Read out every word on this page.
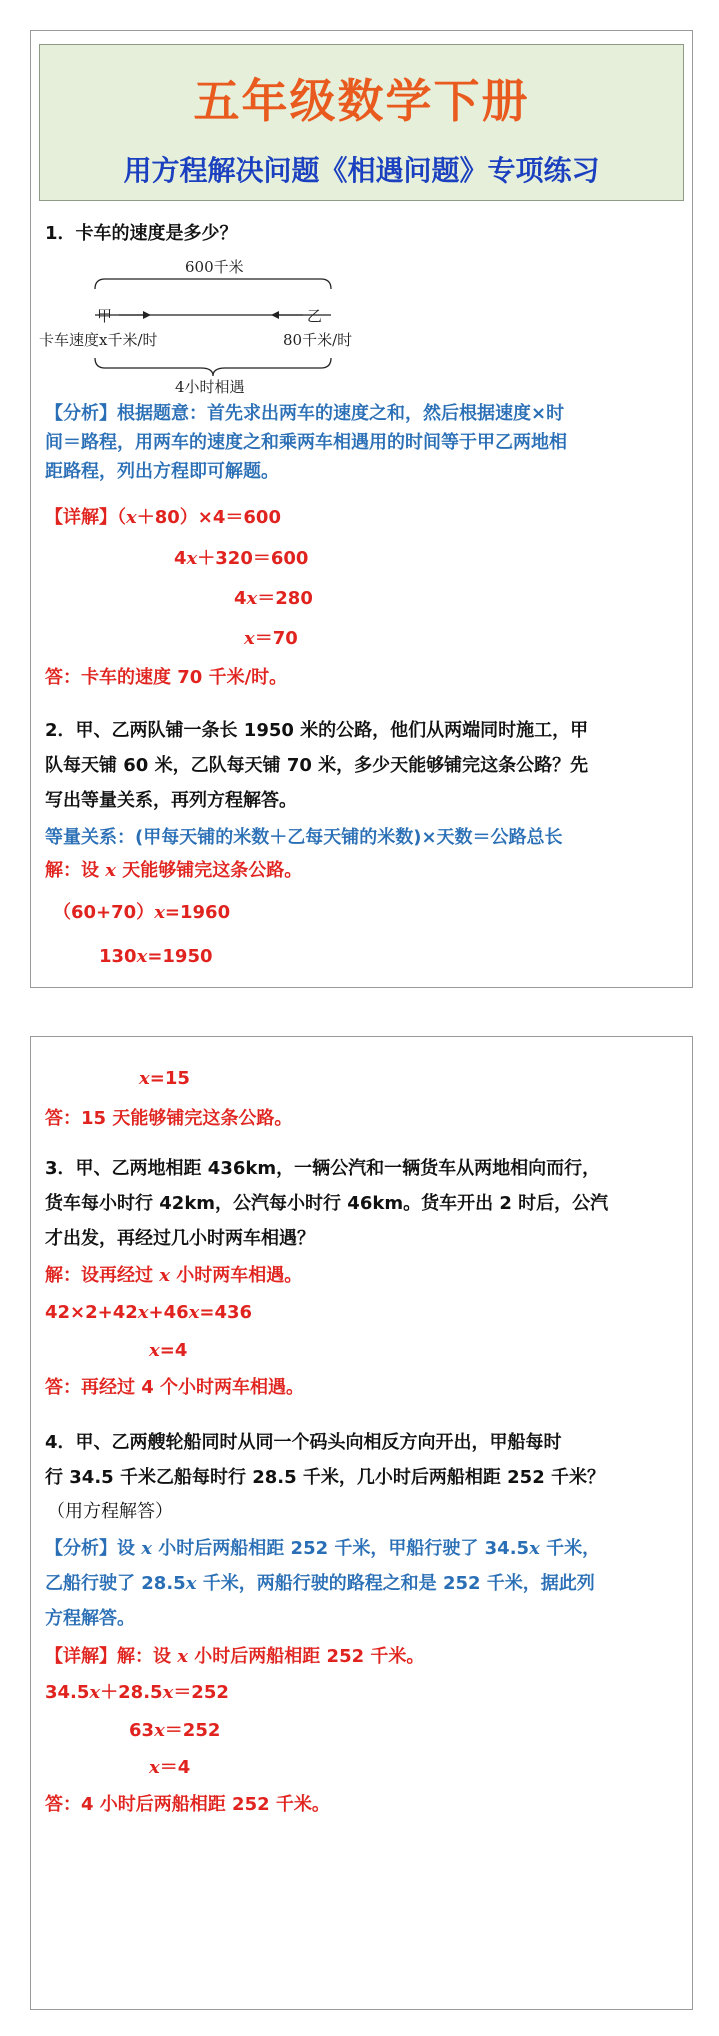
五年级数学下册
用方程解决问题《相遇问题》专项练习
1．卡车的速度是多少？
600千米
甲	乙
卡车速度x千米/时	80千米/时
4小时相遇
【分析】根据题意：首先求出两车的速度之和，然后根据速度×时
间＝路程，用两车的速度之和乘两车相遇用的时间等于甲乙两地相
距路程，列出方程即可解题。
【详解】（x＋80）×4＝600
4x＋320＝600
4x＝280
x＝70
答：卡车的速度 70 千米/时。
2．甲、乙两队铺一条长 1950 米的公路，他们从两端同时施工，甲
队每天铺 60 米，乙队每天铺 70 米，多少天能够铺完这条公路？先
写出等量关系，再列方程解答。
等量关系：(甲每天铺的米数＋乙每天铺的米数)×天数＝公路总长
解：设 x 天能够铺完这条公路。
（60+70）x=1960
130x=1950
x=15
答：15 天能够铺完这条公路。
3．甲、乙两地相距 436km，一辆公汽和一辆货车从两地相向而行，
货车每小时行 42km，公汽每小时行 46km。货车开出 2 时后，公汽
才出发，再经过几小时两车相遇？
解：设再经过 x 小时两车相遇。
42×2+42x+46x=436
x=4
答：再经过 4 个小时两车相遇。
4．甲、乙两艘轮船同时从同一个码头向相反方向开出，甲船每时
行 34.5 千米乙船每时行 28.5 千米，几小时后两船相距 252 千米？
（用方程解答）
【分析】设 x 小时后两船相距 252 千米，甲船行驶了 34.5x 千米，
乙船行驶了 28.5x 千米，两船行驶的路程之和是 252 千米，据此列
方程解答。
【详解】解：设 x 小时后两船相距 252 千米。
34.5x＋28.5x＝252
63x＝252
x＝4
答：4 小时后两船相距 252 千米。
